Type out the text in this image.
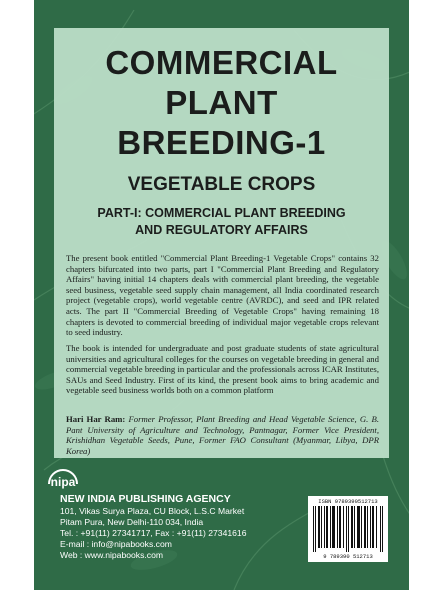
COMMERCIAL
PLANT
BREEDING-1
VEGETABLE CROPS
PART-I: COMMERCIAL PLANT BREEDING
AND REGULATORY AFFAIRS
The present book entitled "Commercial Plant Breeding-1 Vegetable Crops" contains 32 chapters bifurcated into two parts, part I "Commercial Plant Breeding and Regulatory Affairs" having initial 14 chapters deals with commercial plant breeding, the vegetable seed business, vegetable seed supply chain management, all India coordinated research project (vegetable crops), world vegetable centre (AVRDC), and seed and IPR related acts. The part II "Commercial Breeding of Vegetable Crops" having remaining 18 chapters is devoted to commercial breeding of individual major vegetable crops relevant to seed industry.
The book is intended for undergraduate and post graduate students of state agricultural universities and agricultural colleges for the courses on vegetable breeding in general and commercial vegetable breeding in particular and the professionals across ICAR Institutes, SAUs and Seed Industry. First of its kind, the present book aims to bring academic and vegetable seed business worlds both on a common platform
Hari Har Ram: Former Professor, Plant Breeding and Head Vegetable Science, G. B. Pant University of Agriculture and Technology, Pantnagar, Former Vice President, Krishidhan Vegetable Seeds, Pune, Former FAO Consultant (Myanmar, Libya, DPR Korea)
nipa
NEW INDIA PUBLISHING AGENCY
101, Vikas Surya Plaza, CU Block, L.S.C Market
Pitam Pura, New Delhi-110 034, India
Tel. : +91(11) 27341717, Fax : +91(11) 27341616
E-mail : info@nipabooks.com
Web : www.nipabooks.com
ISBN 9789390512713
9 789390 512713
